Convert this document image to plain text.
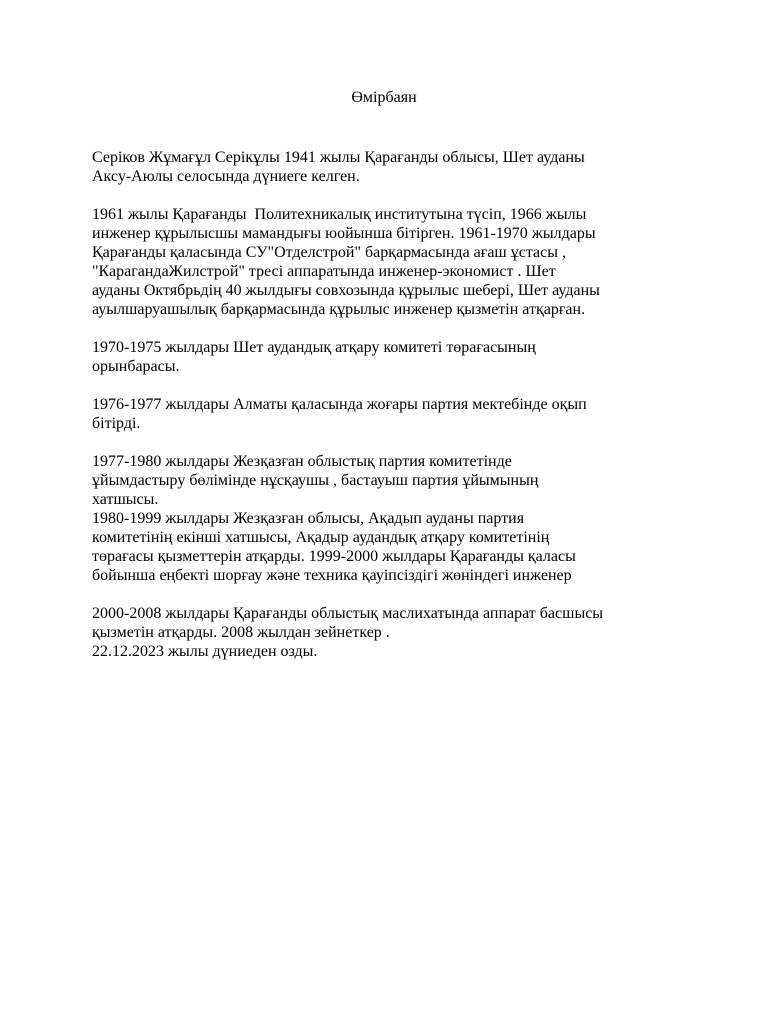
Өмірбаян

Серіков Жұмағұл Серікұлы 1941 жылы Қарағанды облысы, Шет ауданы
Аксу-Аюлы селосында дүниеге келген.

1961 жылы Қарағанды  Политехникалық институтына түсіп, 1966 жылы
инженер құрылысшы мамандығы юойынша бітірген. 1961-1970 жылдары
Қарағанды қаласында СУ"Отделстрой" барқармасында ағаш ұстасы ,
"КарагандаЖилстрой" тресі аппаратында инженер-экономист . Шет
ауданы Октябрьдің 40 жылдығы совхозында құрылыс шебері, Шет ауданы
ауылшаруашылық барқармасында құрылыс инженер қызметін атқарған.

1970-1975 жылдары Шет аудандық атқару комитеті төрағасының
орынбарасы.

1976-1977 жылдары Алматы қаласында жоғары партия мектебінде оқып
бітірді.

1977-1980 жылдары Жезқазған облыстық партия комитетінде
ұйымдастыру бөлімінде нұсқаушы , бастауыш партия ұйымының
хатшысы.

1980-1999 жылдары Жезқазған облысы, Ақадып ауданы партия
комитетінің екінші хатшысы, Ақадыр аудандық атқару комитетінің
төрағасы қызметтерін атқарды. 1999-2000 жылдары Қарағанды қаласы
бойынша еңбекті шорғау және техника қауіпсіздігі жөніндегі инженер

2000-2008 жылдары Қарағанды облыстық маслихатында аппарат басшысы
қызметін атқарды. 2008 жылдан зейнеткер .

22.12.2023 жылы дүниеден озды.
